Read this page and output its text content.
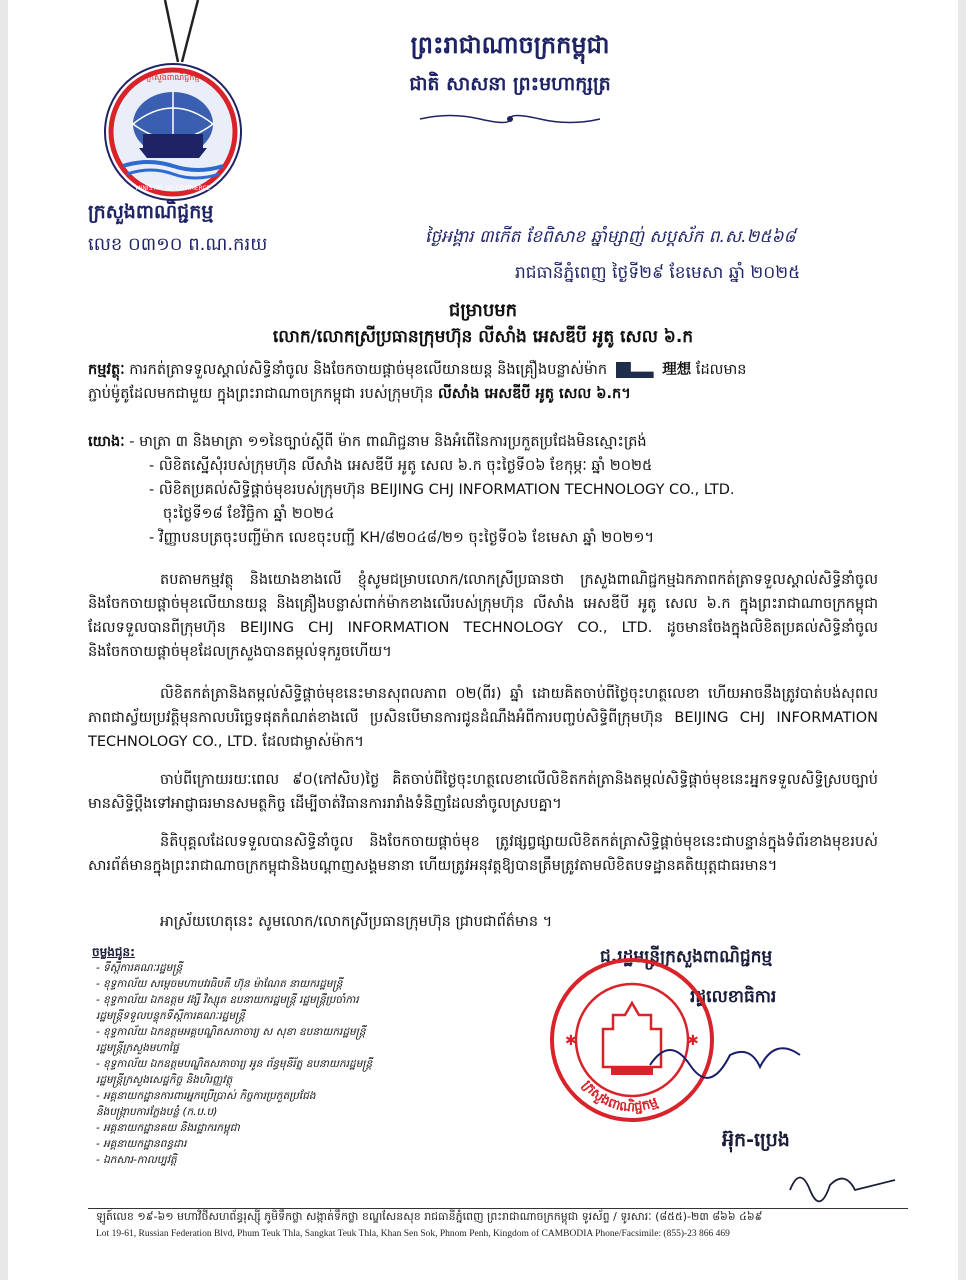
ក្រសួងពាណិជ្ជកម្ម
MINISTRY OF COMMERCE
ក្រសួងពាណិជ្ជកម្ម
ព្រះរាជាណាចក្រកម្ពុជា
ជាតិ សាសនា ព្រះមហាក្សត្រ
លេខ ០៣១០ ព.ណ.ករយ	ថ្ងៃអង្គារ ៣កើត ខែពិសាខ ឆ្នាំម្សាញ់ សប្តស័ក ព.ស.២៥៦៨
រាជធានីភ្នំពេញ ថ្ងៃទី២៩ ខែមេសា ឆ្នាំ ២០២៥
ជម្រាបមក
លោក/លោកស្រីប្រធានក្រុមហ៊ុន លីសាំង អេសឌីបី អូតូ សេល ៦.ក
កម្មវត្ថុៈ ការកត់ត្រាទទួលស្គាល់សិទ្ធិនាំចូល និងចែកចាយផ្តាច់មុខលើយានយន្ត និងគ្រឿងបន្លាស់ម៉ាក	理想 ដែលមាន
ភ្ជាប់ម៉ូតូ​ដែលមកជាមួយ ក្នុងព្រះរាជាណាចក្រកម្ពុជា របស់ក្រុមហ៊ុន លីសាំង អេសឌីបី អូតូ សេល ៦.ក។
យោងៈ - មាត្រា ៣ និងមាត្រា ១១នៃច្បាប់ស្តីពី ម៉ាក ពាណិជ្ជនាម និងអំពើនៃការប្រកួតប្រជែងមិនស្មោះត្រង់
- លិខិតស្នើសុំរបស់ក្រុមហ៊ុន លីសាំង អេសឌីបី អូតូ សេល ៦.ក ចុះថ្ងៃទី០៦ ខែកុម្ភៈ ឆ្នាំ ២០២៥
- លិខិតប្រគល់សិទ្ធិផ្តាច់មុខរបស់ក្រុមហ៊ុន BEIJING CHJ INFORMATION TECHNOLOGY CO., LTD.
ចុះថ្ងៃទី១៨ ខែវិច្ឆិកា ឆ្នាំ ២០២៤
- វិញ្ញាបនបត្រចុះបញ្ជីម៉ាក លេខចុះបញ្ជី KH/៨២០៤៨/២១ ចុះថ្ងៃទី០៦ ខែមេសា ឆ្នាំ ២០២១។
តបតាមកម្មវត្ថុ និងយោងខាងលើ ខ្ញុំសូមជម្រាបលោក/លោកស្រីប្រធានថា ក្រសួងពាណិជ្ជកម្មឯកភាពកត់ត្រាទទួលស្គាល់សិទ្ធិនាំចូល និងចែកចាយផ្តាច់មុខលើយានយន្ត និងគ្រឿងបន្លាស់ពាក់ម៉ាកខាងលើរបស់ក្រុមហ៊ុន លីសាំង អេសឌីបី អូតូ សេល ៦.ក ក្នុងព្រះរាជាណាចក្រកម្ពុជា ដែលទទួលបានពីក្រុមហ៊ុន BEIJING CHJ INFORMATION TECHNOLOGY CO., LTD. ដូចមានចែងក្នុងលិខិតប្រគល់សិទ្ធិនាំចូល និងចែកចាយផ្តាច់មុខដែលក្រសួងបានតម្កល់ទុករួចហើយ។
លិខិតកត់ត្រានិងតម្កល់សិទ្ធិផ្តាច់មុខនេះមានសុពលភាព ០២(ពីរ) ឆ្នាំ ដោយគិតចាប់ពីថ្ងៃចុះហត្ថលេខា ហើយអាចនឹងត្រូវបាត់បង់សុពលភាពជាស្វ័យប្រវត្តិមុនកាលបរិច្ឆេទផុតកំណត់ខាងលើ ប្រសិនបើមានការជូនដំណឹងអំពីការបញ្ចប់សិទ្ធិពីក្រុមហ៊ុន BEIJING CHJ INFORMATION TECHNOLOGY CO., LTD. ដែលជាម្ចាស់ម៉ាក។
ចាប់ពីក្រោយរយៈពេល ៩០(កៅសិប)ថ្ងៃ គិតចាប់ពីថ្ងៃចុះហត្ថលេខាលើលិខិតកត់ត្រានិងតម្កល់សិទ្ធិផ្តាច់មុខនេះអ្នកទទួលសិទ្ធិស្របច្បាប់មានសិទ្ធិប្តឹងទៅអាជ្ញាធរមានសមត្ថកិច្ច ដើម្បីចាត់វិធានការរារាំងទំនិញដែលនាំចូលស្របគ្នា។
និតិបុគ្គលដែលទទួលបានសិទ្ធិនាំចូល និងចែកចាយផ្តាច់មុខ ត្រូវផ្សព្វផ្សាយលិខិតកត់ត្រាសិទ្ធិផ្តាច់មុខនេះជាបន្ទាន់ក្នុងទំព័រខាងមុខរបស់សារព័ត៌មានក្នុងព្រះរាជាណាចក្រកម្ពុជានិងបណ្តាញសង្គមនានា ហើយត្រូវអនុវត្តឱ្យបានត្រឹមត្រូវតាមលិខិតបទដ្ឋានគតិយុត្តជាធរមាន។
អាស្រ័យហេតុនេះ សូមលោក/លោកស្រីប្រធានក្រុមហ៊ុន ជ្រាបជាព័ត៌មាន ។
ចម្លងជូន:
- ទីស្តីការគណៈរដ្ឋមន្ត្រី
- ខុទ្ទកាល័យ សម្តេចមហាបវរធិបតី ហ៊ុន ម៉ាណែត នាយករដ្ឋមន្ត្រី
- ខុទ្ទកាល័យ ឯកឧត្តម វង្សី វិស្សុត ឧបនាយករដ្ឋមន្ត្រី រដ្ឋមន្ត្រីប្រចាំការ
រដ្ឋមន្ត្រីទទួលបន្ទុកទីស្តីការគណៈរដ្ឋមន្ត្រី
- ខុទ្ទកាល័យ ឯកឧត្តមអគ្គបណ្ឌិតសភាចារ្យ ស សុខា ឧបនាយករដ្ឋមន្ត្រី
រដ្ឋមន្ត្រីក្រសួងមហាផ្ទៃ
- ខុទ្ទកាល័យ ឯកឧត្តមបណ្ឌិតសភាចារ្យ អូន ព័ន្ធមុនីរ័ត្ន ឧបនាយករដ្ឋមន្ត្រី
រដ្ឋមន្ត្រីក្រសួងសេដ្ឋកិច្ច និងហិរញ្ញវត្ថុ
- អគ្គនាយកដ្ឋានការពារអ្នកប្រើប្រាស់ កិច្ចការប្រកួតប្រជែង
និងបង្ក្រាបការក្លែងបន្លំ (ក.ប.ប)
- អគ្គនាយកដ្ឋានគយ និងរដ្ឋាករកម្ពុជា
- អគ្គនាយកដ្ឋានពន្ធដារ
- ឯកសារ-កាលប្បវត្តិ
ជ.រដ្ឋមន្ត្រីក្រសួងពាណិជ្ជកម្ម
រដ្ឋលេខាធិការ
✱	✱
ក្រសួងពាណិជ្ជកម្ម
អ៊ុក-ប្រេង
ឡូត៍លេខ ១៩-៦១ មហាវិថីសហព័ន្ធរុស្ស៊ី ភូមិទឹកថ្លា សង្កាត់ទឹកថ្លា ខណ្ឌសែនសុខ រាជធានីភ្នំពេញ ព្រះរាជាណាចក្រកម្ពុជា ទូរស័ព្ទ / ទូរសារៈ (៨៥៥)-២៣ ៨៦៦ ៤៦៩
Lot 19-61, Russian Federation Blvd, Phum Teuk Thla, Sangkat Teuk Thla, Khan Sen Sok, Phnom Penh, Kingdom of CAMBODIA Phone/Facsimile: (855)-23 866 469
